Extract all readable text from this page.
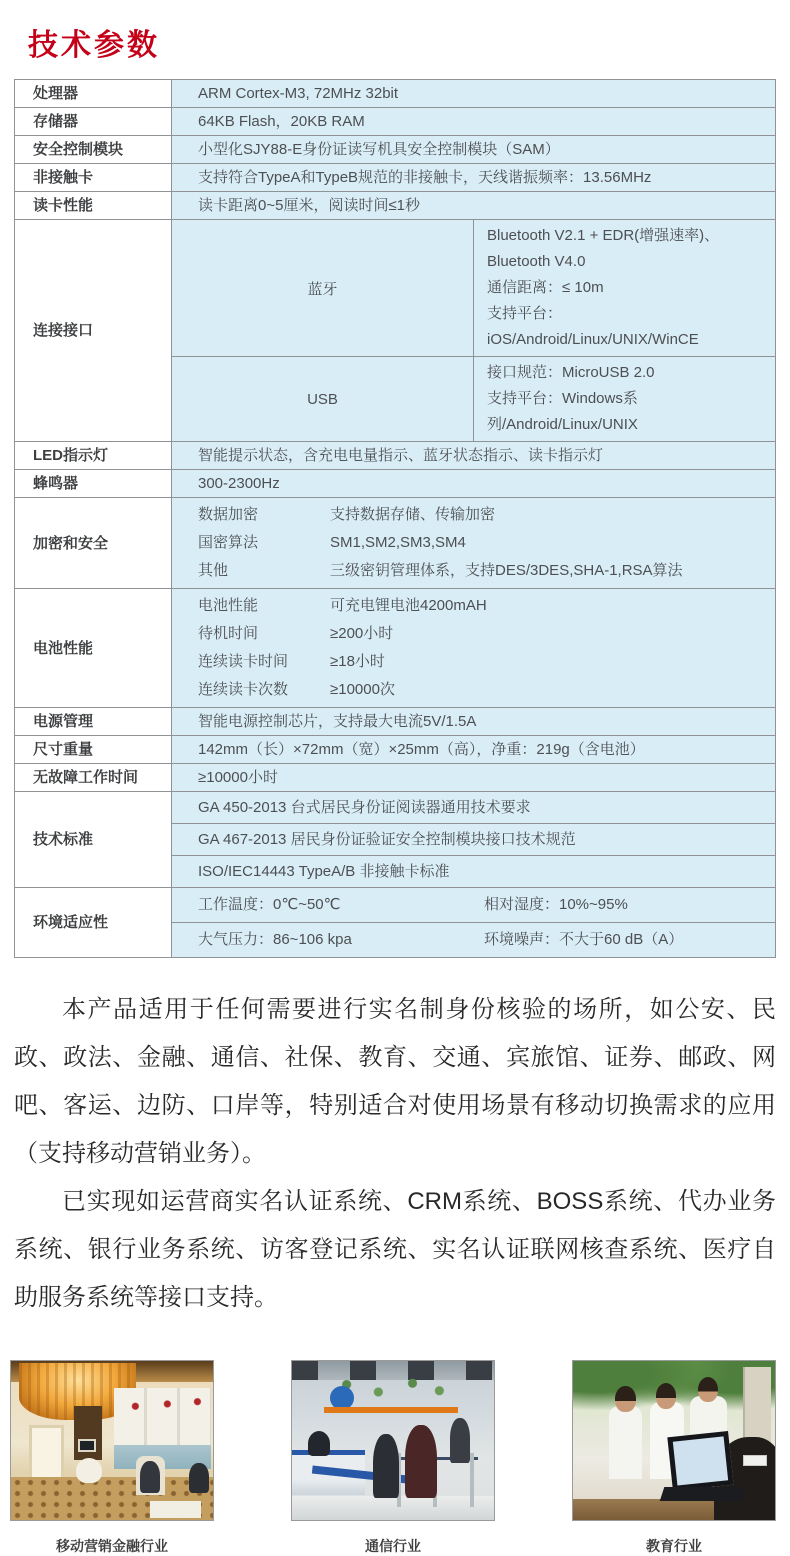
技术参数
处理器	ARM Cortex-M3, 72MHz 32bit	
存储器	64KB Flash，20KB RAM	
安全控制模块	小型化SJY88-E身份证读写机具安全控制模块（SAM）	
非接触卡	支持符合TypeA和TypeB规范的非接触卡，天线谐振频率：13.56MHz	
读卡性能	读卡距离0~5厘米，阅读时间≤1秒	
连接接口	蓝牙	Bluetooth V2.1 + EDR(增强速率)、Bluetooth V4.0
通信距离：≤ 10m
支持平台：iOS/Android/Linux/UNIX/WinCE

	USB	接口规范：MicroUSB 2.0
支持平台：Windows系列/Android/Linux/UNIX

LED指示灯	智能提示状态，含充电电量指示、蓝牙状态指示、读卡指示灯	
蜂鸣器	300-2300Hz	
加密和安全	
数据加密	支持数据存储、传输加密
国密算法	SM1,SM2,SM3,SM4
其他	三级密钥管理体系，支持DES/3DES,SHA-1,RSA算法

电池性能	
电池性能	可充电锂电池4200mAH
待机时间	≥200小时
连续读卡时间	≥18小时
连续读卡次数	≥10000次

电源管理	智能电源控制芯片，支持最大电流5V/1.5A	
尺寸重量	142mm（长）×72mm（宽）×25mm（高），净重：219g（含电池）	
无故障工作时间	≥10000小时	
技术标准	GA 450-2013 台式居民身份证阅读器通用技术要求	
	GA 467-2013 居民身份证验证安全控制模块接口技术规范	
	ISO/IEC14443 TypeA/B 非接触卡标准	
环境适应性	工作温度：0℃~50℃ 相对湿度：10%~95%	

	大气压力：86~106 kpa 环境噪声：不大于60 dB（A）	

本产品适用于任何需要进行实名制身份核验的场所，如公安、民政、政法、金融、通信、社保、教育、交通、宾旅馆、证券、邮政、网吧、客运、边防、口岸等，特别适合对使用场景有移动切换需求的应用（支持移动营销业务）。

已实现如运营商实名认证系统、CRM系统、BOSS系统、代办业务系统、银行业务系统、访客登记系统、实名认证联网核查系统、医疗自助服务系统等接口支持。

移动营销金融行业	通信行业	教育行业
